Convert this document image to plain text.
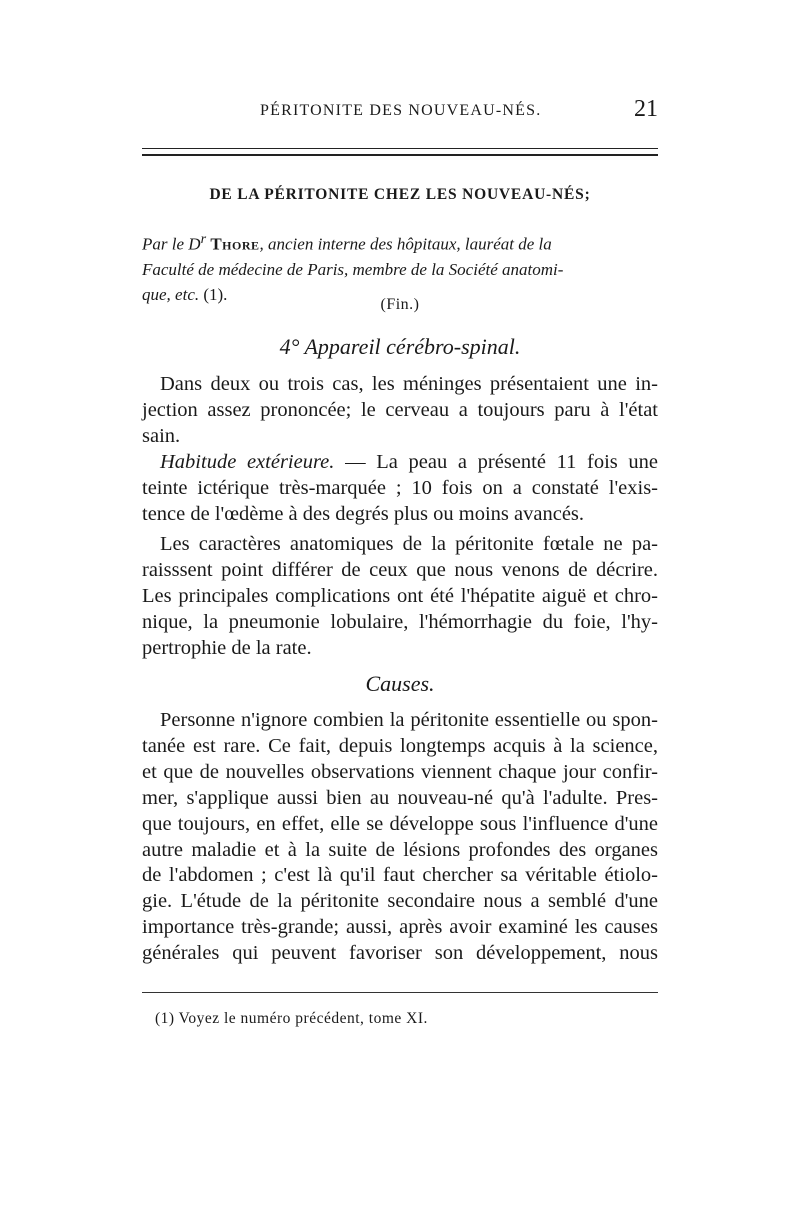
PÉRITONITE DES NOUVEAU-NÉS.	21
DE LA PÉRITONITE CHEZ LES NOUVEAU-NÉS;
Par le $D^r$ Thore, ancien interne des hôpitaux, lauréat de la
Faculté de médecine de Paris, membre de la Société anatomi-
que, etc. (1).
(Fin.)
4° Appareil cérébro-spinal.
Dans deux ou trois cas, les méninges présentaient une in-
jection assez prononcée; le cerveau a toujours paru à l'état
sain.
Habitude extérieure. — La peau a présenté 11 fois une
teinte ictérique très-marquée ; 10 fois on a constaté l'exis-
tence de l'œdème à des degrés plus ou moins avancés.
Les caractères anatomiques de la péritonite fœtale ne pa-
raisssent point différer de ceux que nous venons de décrire.
Les principales complications ont été l'hépatite aiguë et chro-
nique, la pneumonie lobulaire, l'hémorrhagie du foie, l'hy-
pertrophie de la rate.
Causes.
Personne n'ignore combien la péritonite essentielle ou spon-
tanée est rare. Ce fait, depuis longtemps acquis à la science,
et que de nouvelles observations viennent chaque jour confir-
mer, s'applique aussi bien au nouveau-né qu'à l'adulte. Pres-
que toujours, en effet, elle se développe sous l'influence d'une
autre maladie et à la suite de lésions profondes des organes
de l'abdomen ; c'est là qu'il faut chercher sa véritable étiolo-
gie. L'étude de la péritonite secondaire nous a semblé d'une
importance très-grande; aussi, après avoir examiné les causes
générales qui peuvent favoriser son développement, nous
(1) Voyez le numéro précédent, tome XI.
